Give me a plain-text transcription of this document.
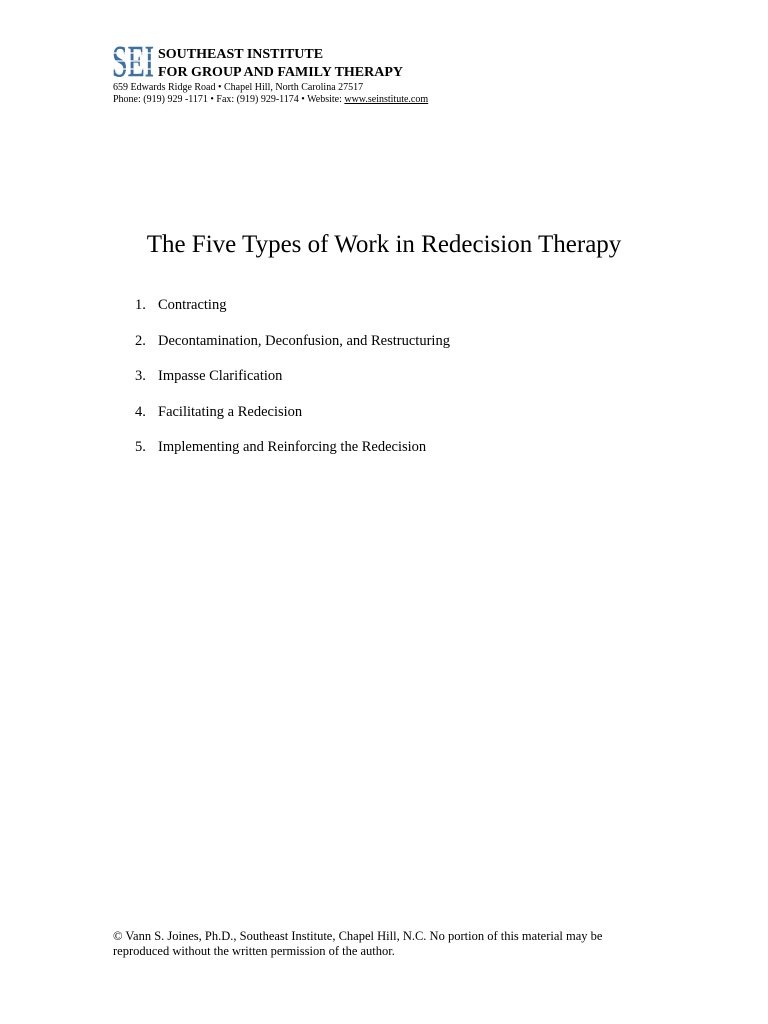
SEI SOUTHEAST INSTITUTE
FOR GROUP AND FAMILY THERAPY
659 Edwards Ridge Road • Chapel Hill, North Carolina 27517
Phone: (919) 929 -1171 • Fax: (919) 929-1174 • Website: www.seinstitute.com
The Five Types of Work in Redecision Therapy
1. Contracting
2. Decontamination, Deconfusion, and Restructuring
3. Impasse Clarification
4. Facilitating a Redecision
5. Implementing and Reinforcing the Redecision
© Vann S. Joines, Ph.D., Southeast Institute, Chapel Hill, N.C. No portion of this material may be
reproduced without the written permission of the author.
